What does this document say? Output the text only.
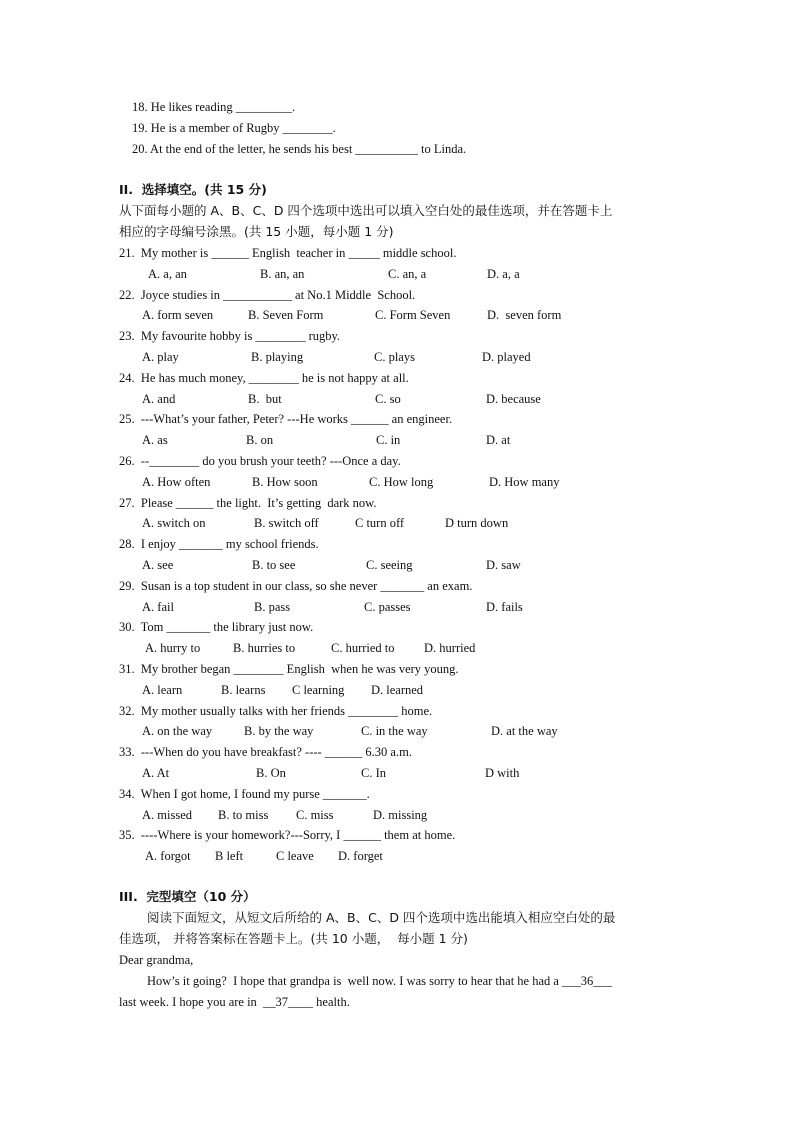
18. He likes reading _________.
19. He is a member of Rugby ________.
20. At the end of the letter, he sends his best __________ to Linda.
II.  选择填空。(共 15 分)
从下面每小题的 A、B、C、D 四个选项中选出可以填入空白处的最佳选项，并在答题卡上
相应的字母编号涂黑。(共 15 小题，每小题 1 分)
21.  My mother is ______ English  teacher in _____ middle school.
A. a, an	B. an, an	C. an, a	D. a, a
22.  Joyce studies in ___________ at No.1 Middle  School.
A. form seven	B. Seven Form	C. Form Seven	D.  seven form
23.  My favourite hobby is ________ rugby.
A. play	B. playing	C. plays	D. played
24.  He has much money, ________ he is not happy at all.
A. and	B.  but	C. so	D. because
25.  ---What’s your father, Peter? ---He works ______ an engineer.
A. as	B. on	C. in	D. at
26.  --________ do you brush your teeth? ---Once a day.
A. How often	B. How soon	C. How long	D. How many
27.  Please ______ the light.  It’s getting  dark now.
A. switch on	B. switch off	C turn off	D turn down
28.  I enjoy _______ my school friends.
A. see	B. to see	C. seeing	D. saw
29.  Susan is a top student in our class, so she never _______ an exam.
A. fail	B. pass	C. passes	D. fails
30.  Tom _______ the library just now.
A. hurry to	B. hurries to	C. hurried to D. hurried
31.  My brother began ________ English  when he was very young.
A. learn	B. learns C learning D. learned
32.  My mother usually talks with her friends ________ home.
A. on the way	B. by the way	C. in the way	D. at the way
33.  ---When do you have breakfast? ---- ______ 6.30 a.m.
A. At	B. On	C. In	D with
34.  When I got home, I found my purse _______.
A. missed B. to miss C. miss	D. missing
35.  ----Where is your homework?---Sorry, I ______ them at home.
A. forgot B left	C leave D. forget
III.  完型填空（10 分）
阅读下面短文，从短文后所给的 A、B、C、D 四个选项中选出能填入相应空白处的最
佳选项， 并将答案标在答题卡上。(共 10 小题，  每小题 1 分)
Dear grandma,
How’s it going?  I hope that grandpa is  well now. I was sorry to hear that he had a ___36___
last week. I hope you are in  __37____ health.
